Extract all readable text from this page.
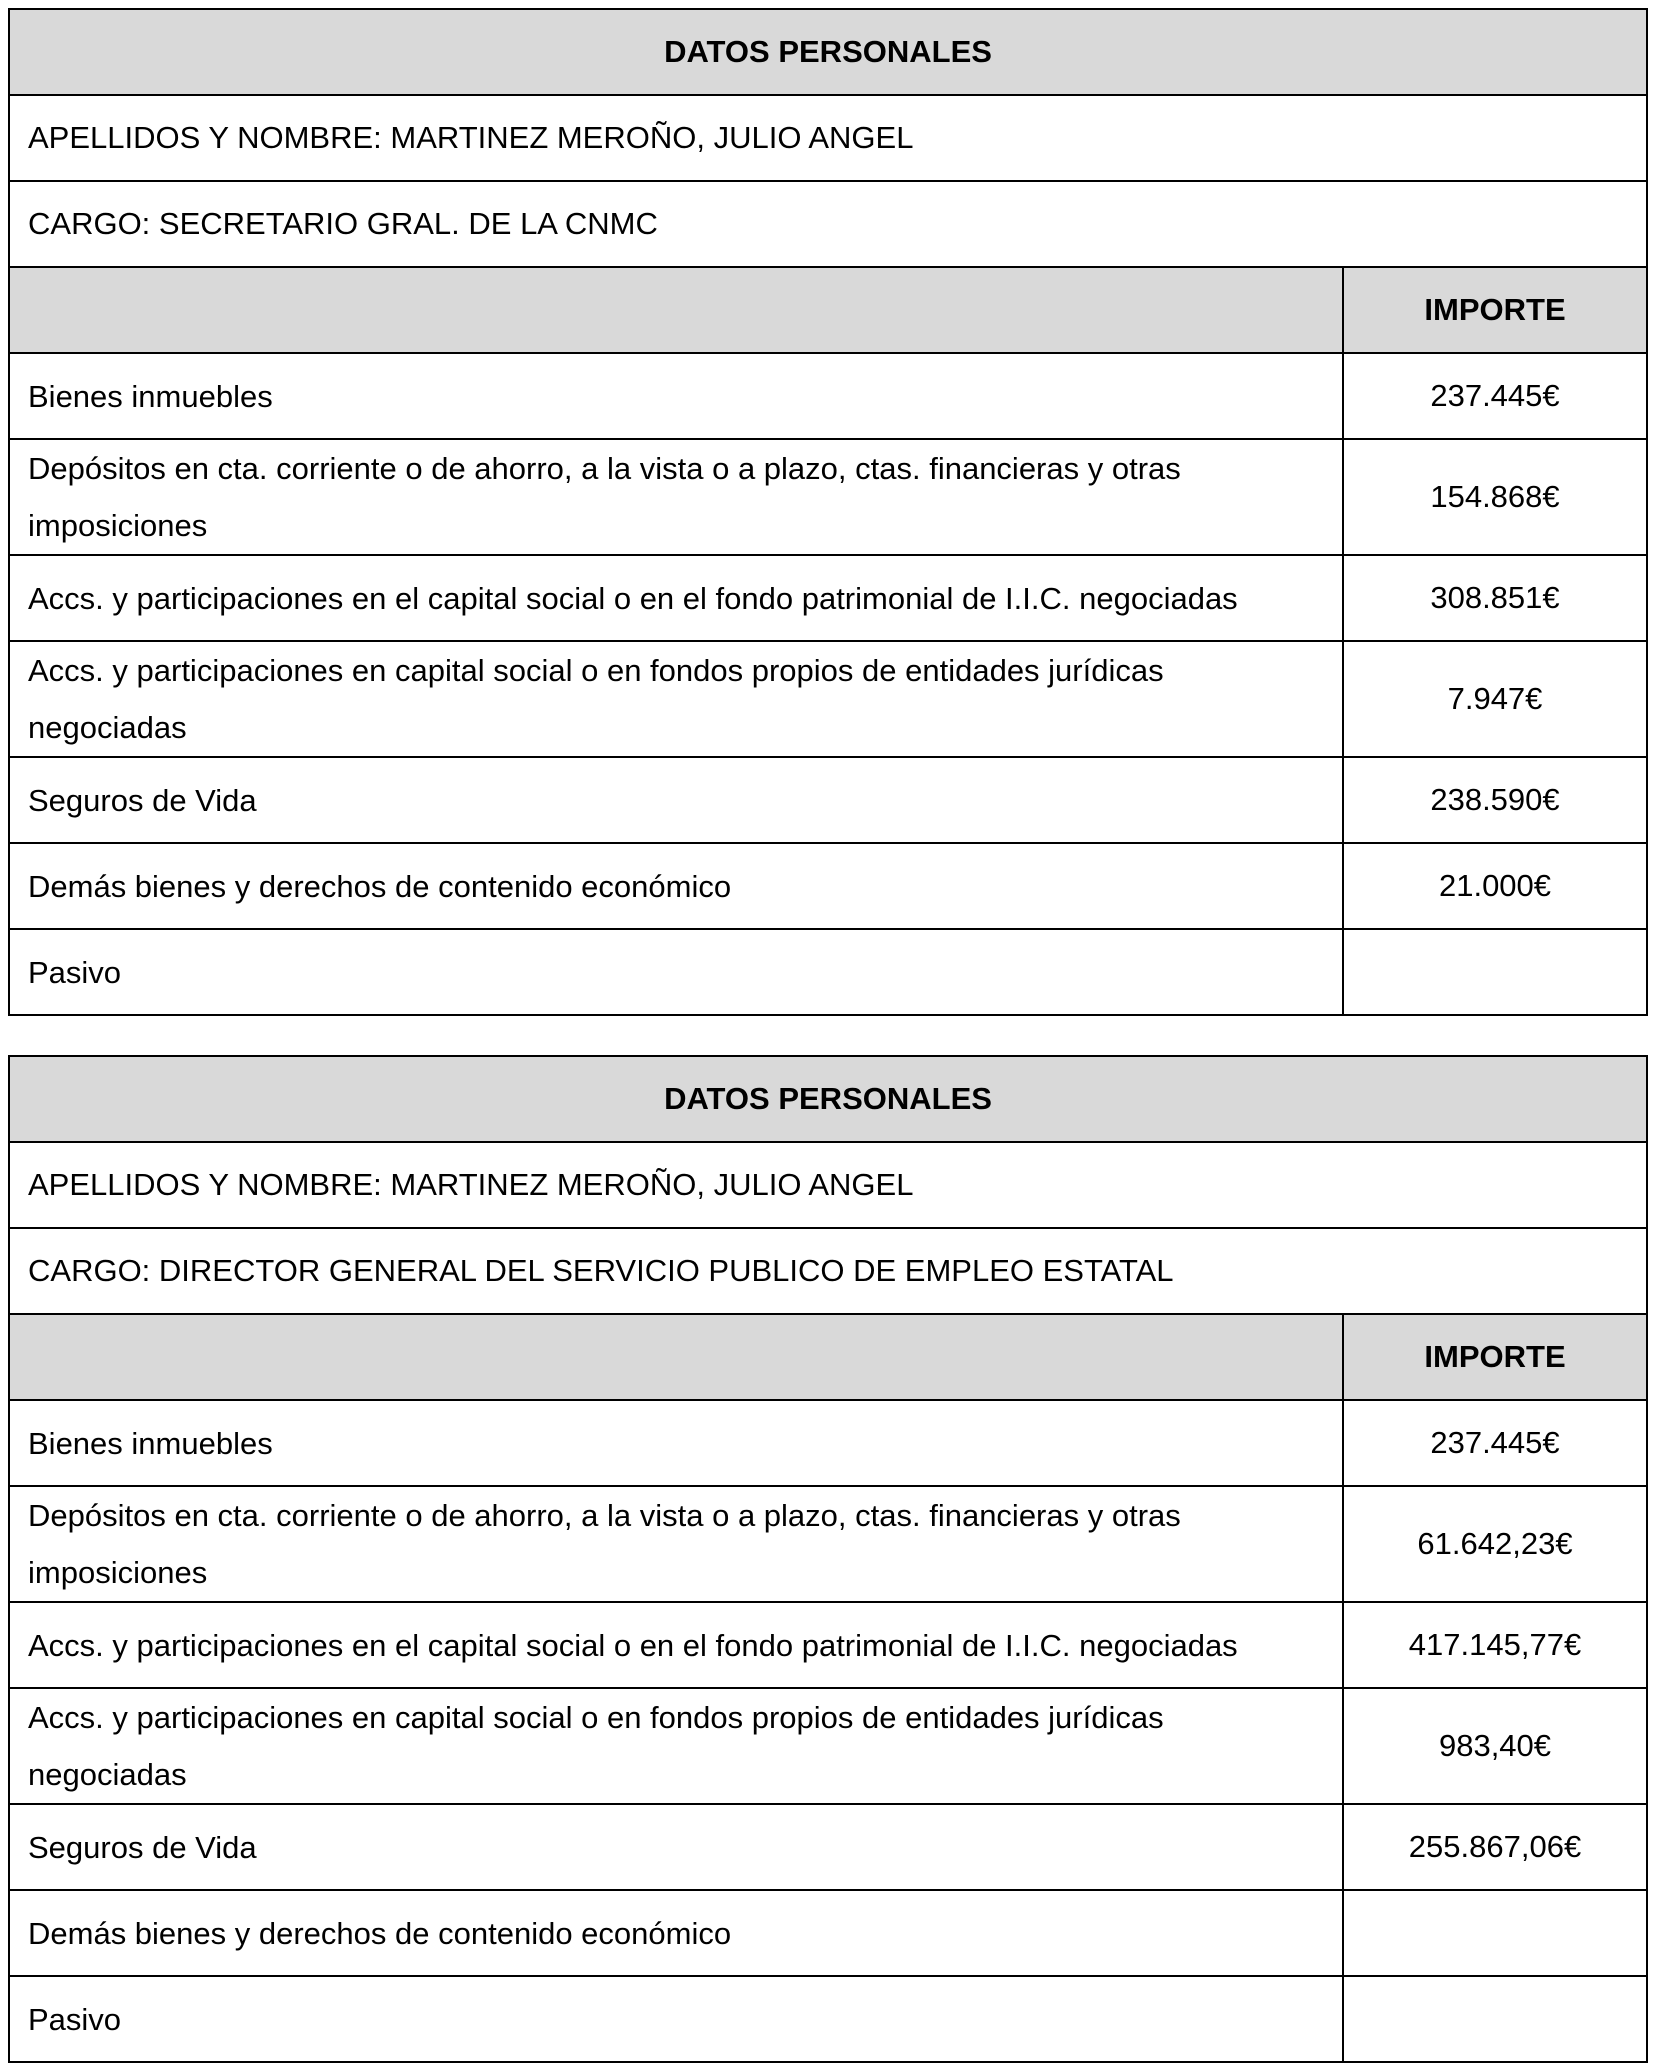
DATOS PERSONALES	
APELLIDOS Y NOMBRE: MARTINEZ MEROÑO, JULIO ANGEL	
CARGO: SECRETARIO GRAL. DE LA CNMC	
	IMPORTE
Bienes inmuebles	237.445€
Depósitos en cta. corriente o de ahorro, a la vista o a plazo, ctas. financieras y otras imposiciones	154.868€
Accs. y participaciones en el capital social o en el fondo patrimonial de I.I.C. negociadas	308.851€
Accs. y participaciones en capital social o en fondos propios de entidades jurídicas negociadas	7.947€
Seguros de Vida	238.590€
Demás bienes y derechos de contenido económico	21.000€
Pasivo	
DATOS PERSONALES	
APELLIDOS Y NOMBRE: MARTINEZ MEROÑO, JULIO ANGEL	
CARGO: DIRECTOR GENERAL DEL SERVICIO PUBLICO DE EMPLEO ESTATAL	
	IMPORTE
Bienes inmuebles	237.445€
Depósitos en cta. corriente o de ahorro, a la vista o a plazo, ctas. financieras y otras imposiciones	61.642,23€
Accs. y participaciones en el capital social o en el fondo patrimonial de I.I.C. negociadas	417.145,77€
Accs. y participaciones en capital social o en fondos propios de entidades jurídicas negociadas	983,40€
Seguros de Vida	255.867,06€
Demás bienes y derechos de contenido económico	
Pasivo	
